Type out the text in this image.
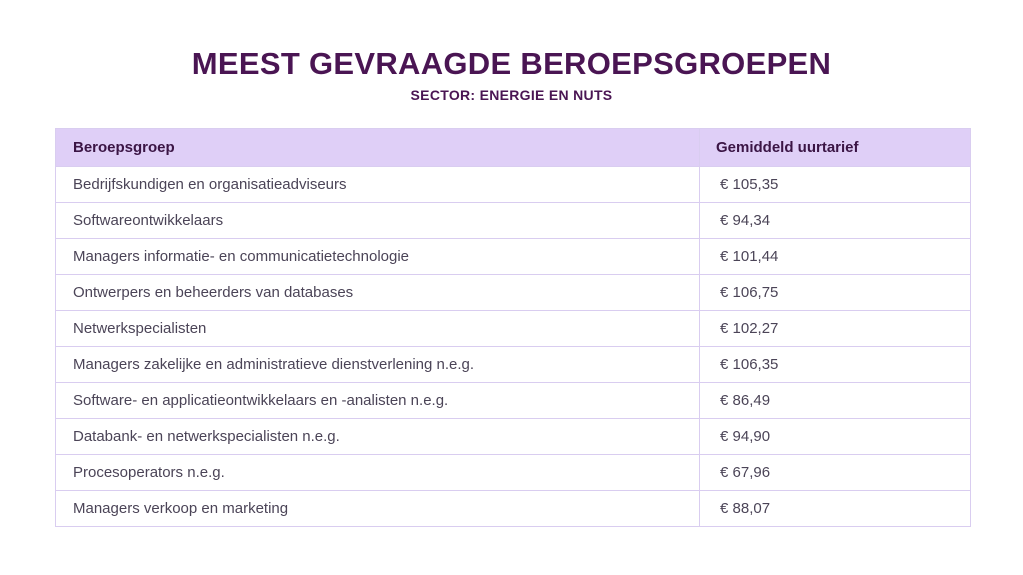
MEEST GEVRAAGDE BEROEPSGROEPEN
SECTOR: ENERGIE EN NUTS
Beroepsgroep	Gemiddeld uurtarief
Bedrijfskundigen en organisatieadviseurs	€ 105,35
Softwareontwikkelaars	€ 94,34
Managers informatie- en communicatietechnologie	€ 101,44
Ontwerpers en beheerders van databases	€ 106,75
Netwerkspecialisten	€ 102,27
Managers zakelijke en administratieve dienstverlening n.e.g.	€ 106,35
Software- en applicatieontwikkelaars en -analisten n.e.g.	€ 86,49
Databank- en netwerkspecialisten n.e.g.	€ 94,90
Procesoperators n.e.g.	€ 67,96
Managers verkoop en marketing	€ 88,07
